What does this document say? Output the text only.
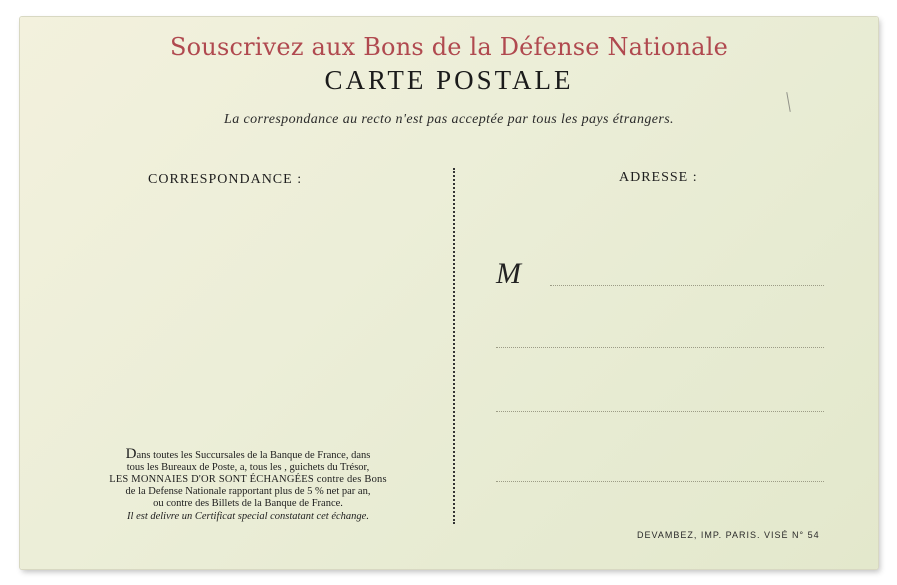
Souscrivez aux Bons de la Défense Nationale
CARTE POSTALE
La correspondance au recto n'est pas acceptée par tous les pays étrangers.
CORRESPONDANCE :	ADRESSE :
M
Dans toutes les Succursales de la Banque de France, dans
tous les Bureaux de Poste, a, tous les , guichets du Trésor,
LES MONNAIES D'OR SONT ÉCHANGÉES contre des Bons
de la Defense Nationale rapportant plus de 5 % net par an,
ou contre des Billets de la Banque de France.
Il est delivre un Certificat special constatant cet échange.
DEVAMBEZ, IMP. PARIS. VISÉ N° 54
